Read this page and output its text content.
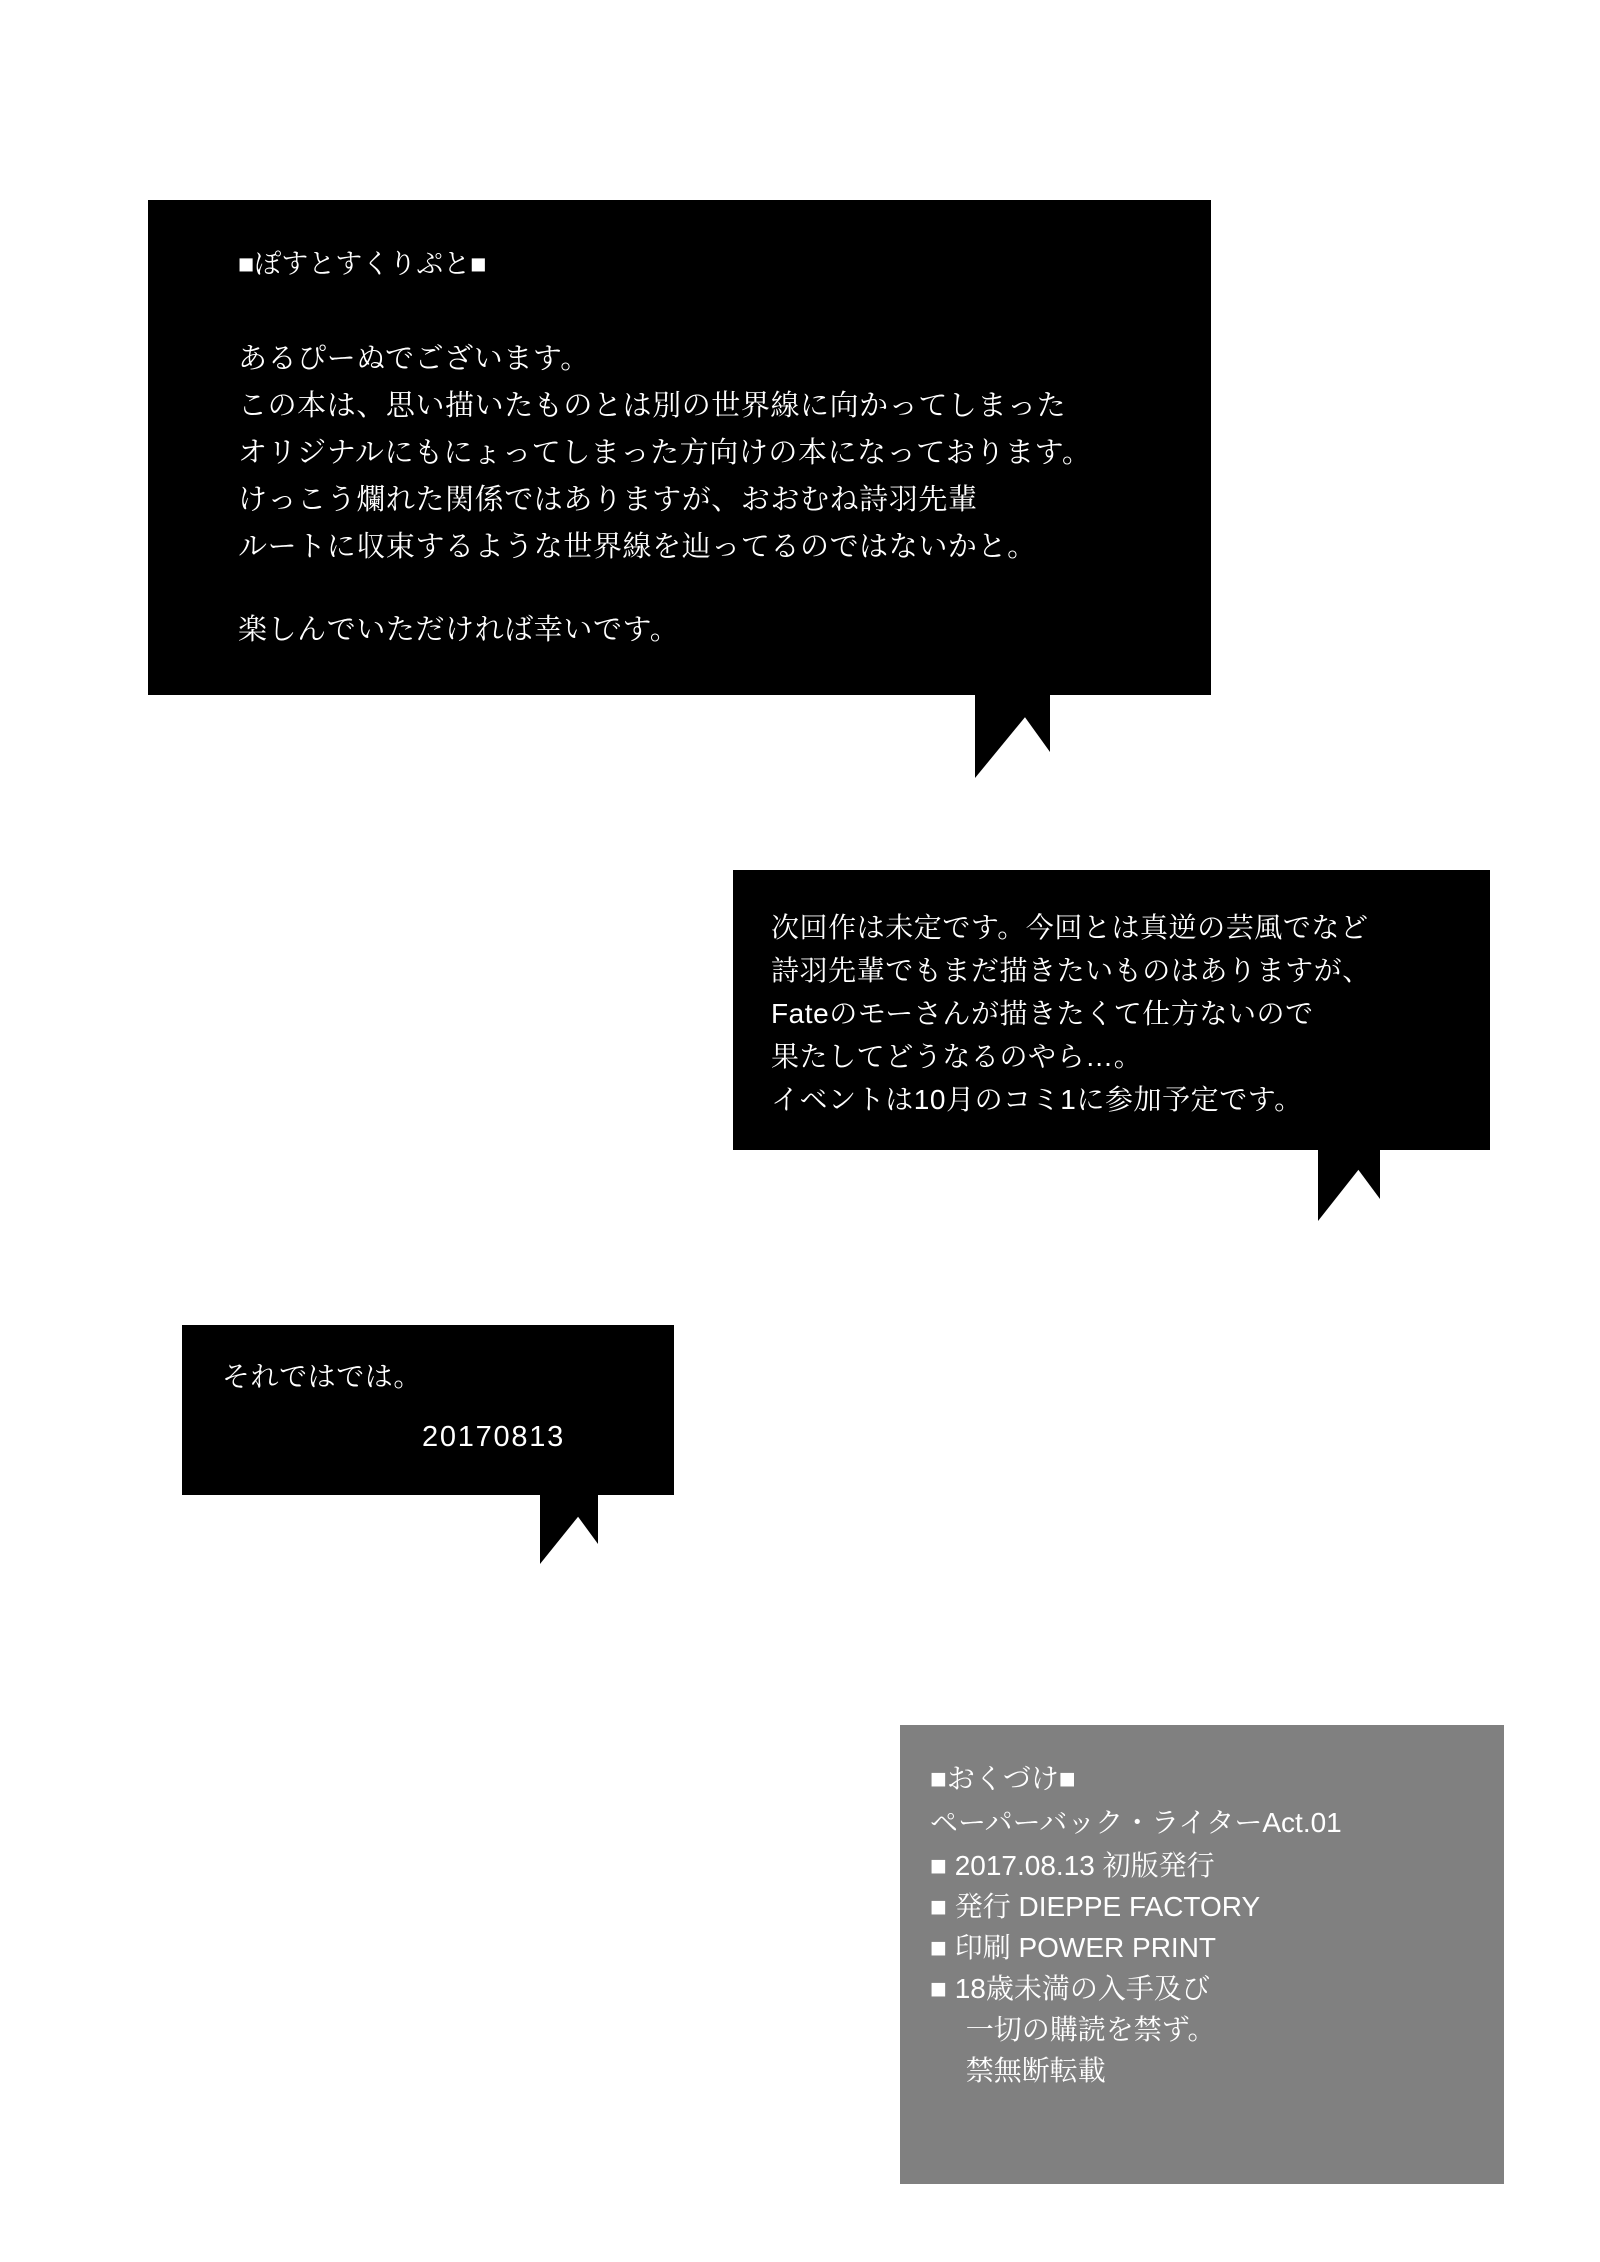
■ぽすとすくりぷと■
あるぴーぬでございます。
この本は、思い描いたものとは別の世界線に向かってしまった
オリジナルにもにょってしまった方向けの本になっております。
けっこう爛れた関係ではありますが、おおむね詩羽先輩
ルートに収束するような世界線を辿ってるのではないかと。
楽しんでいただければ幸いです。
次回作は未定です。今回とは真逆の芸風でなど
詩羽先輩でもまだ描きたいものはありますが、
Fateのモーさんが描きたくて仕方ないので
果たしてどうなるのやら…。
イベントは10月のコミ1に参加予定です。
それではでは。
20170813
■おくづけ■
ペーパーバック・ライターAct.01
■ 2017.08.13 初版発行
■ 発行 DIEPPE FACTORY
■ 印刷 POWER PRINT
■ 18歳未満の入手及び
　 一切の購読を禁ず。
　 禁無断転載
